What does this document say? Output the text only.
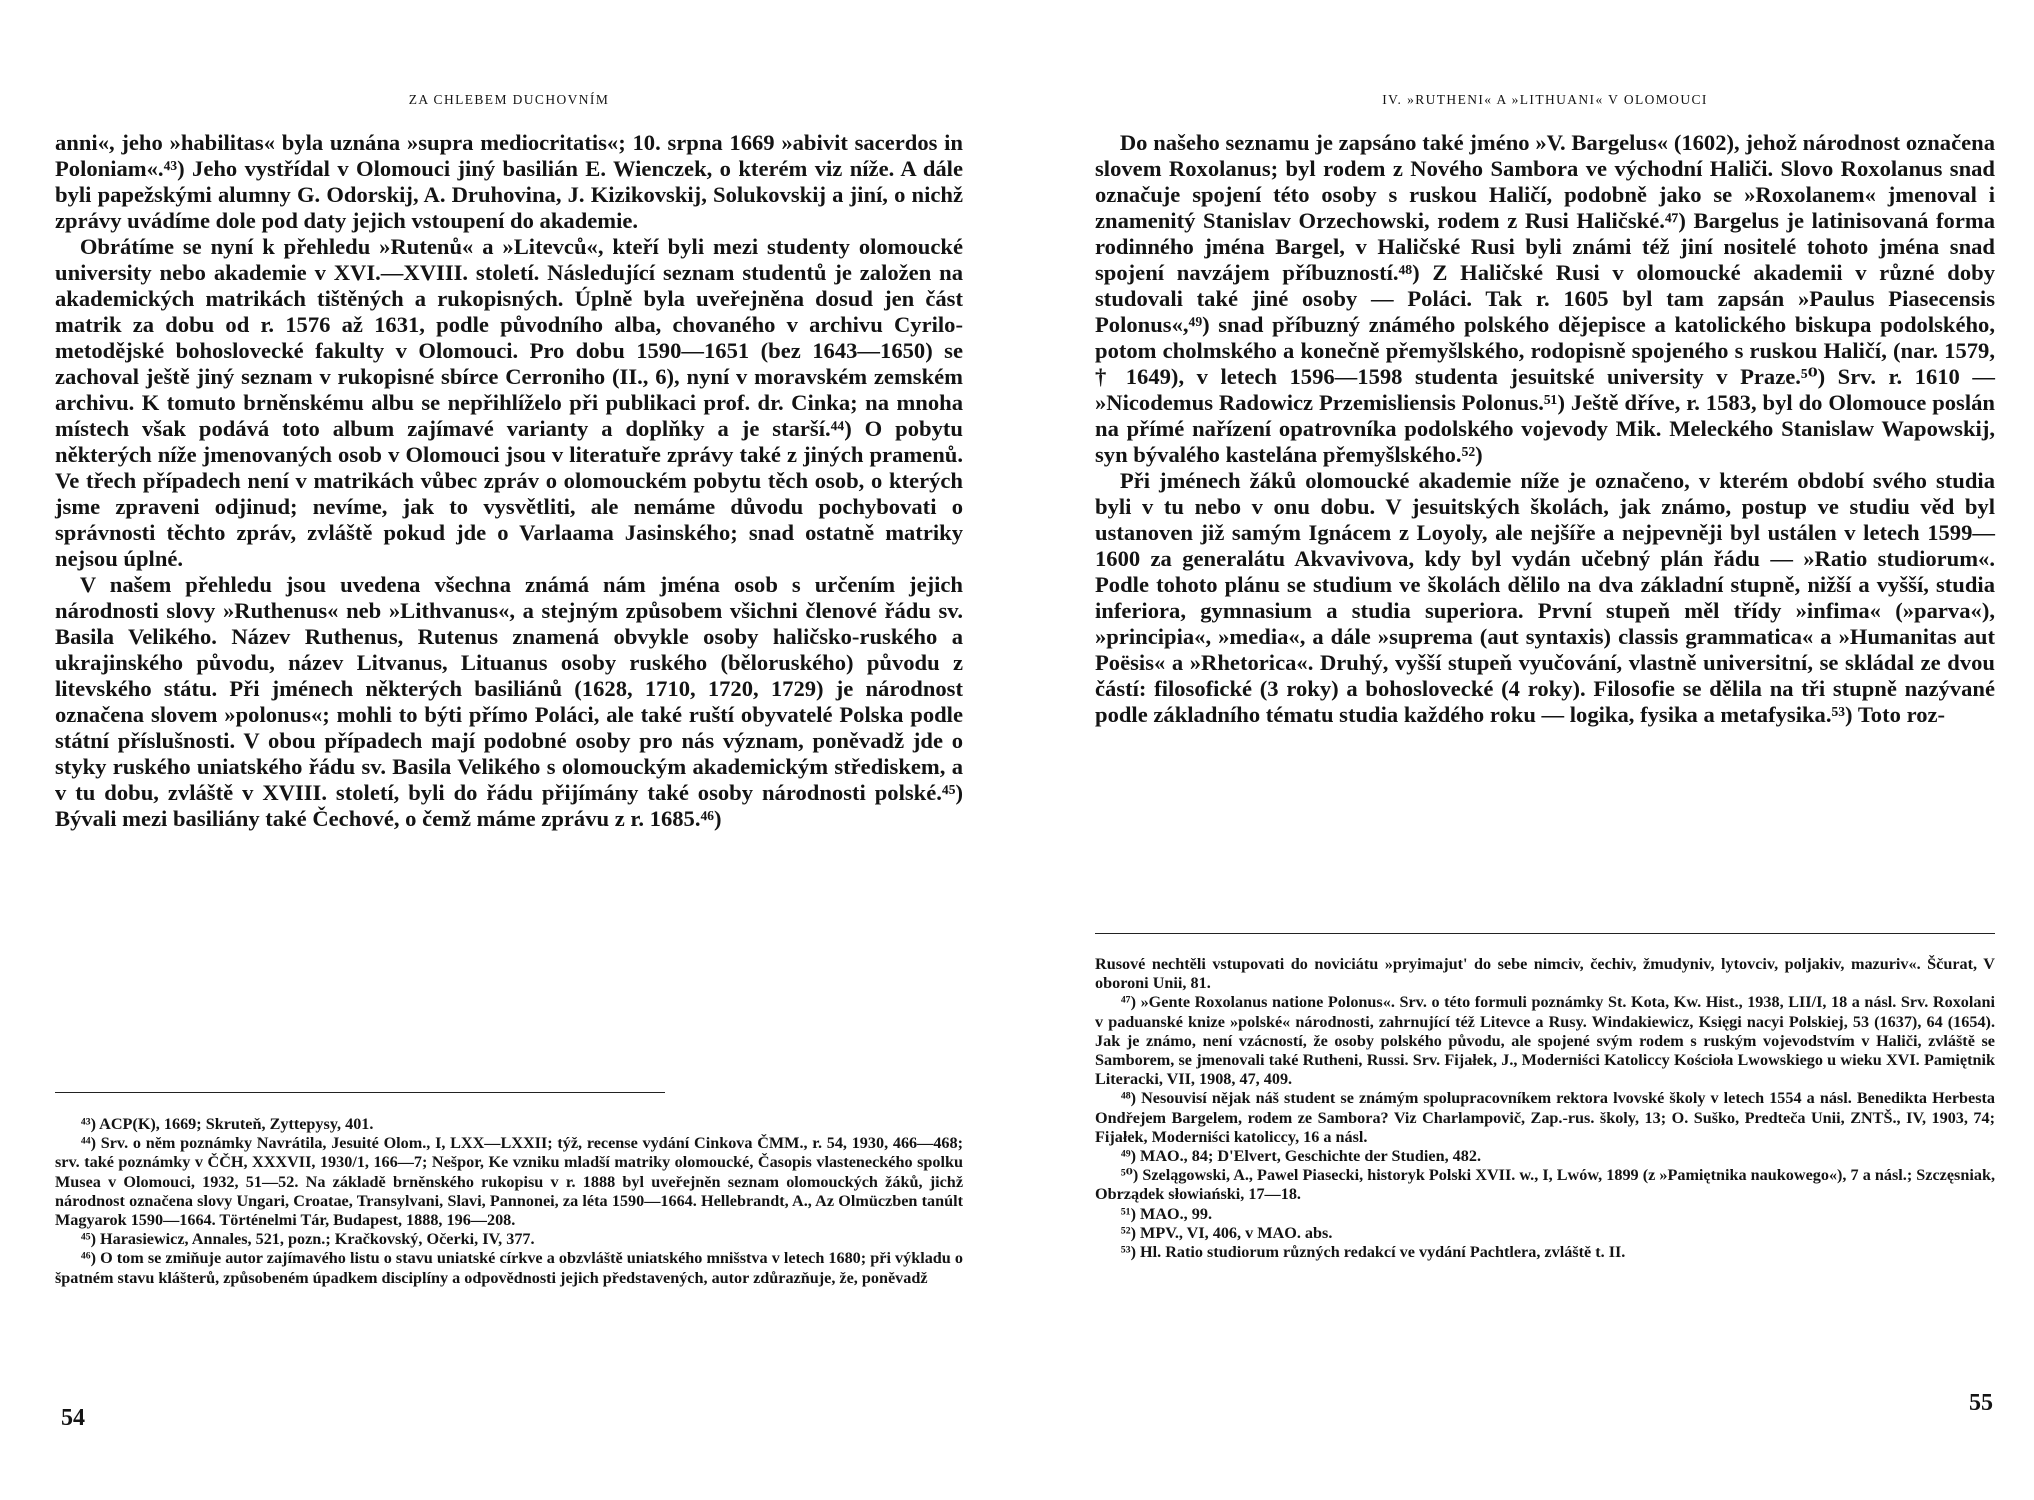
ZA CHLEBEM DUCHOVNÍM

anni«, jeho »habilitas« byla uznána »supra mediocritatis«; 10. srpna 1669 »abivit sacerdos in Poloniam«.⁴³) Jeho vystřídal v Olomouci jiný basilián E. Wienczek, o kterém viz níže. A dále byli papežskými alumny G. Odorskij, A. Druhovina, J. Kizikovskij, Solukovskij a jiní, o nichž zprávy uvádíme dole pod daty jejich vstoupení do akademie.

Obrátíme se nyní k přehledu »Rutenů« a »Litevců«, kteří byli mezi studenty olomoucké university nebo akademie v XVI.—XVIII. století. Následující seznam studentů je založen na akademických matrikách tištěných a rukopisných. Úplně byla uveřejněna dosud jen část matrik za dobu od r. 1576 až 1631, podle původního alba, chovaného v archivu Cyrilo-metodějské bohoslovecké fakulty v Olomouci. Pro dobu 1590—1651 (bez 1643—1650) se zachoval ještě jiný seznam v rukopisné sbírce Cerroniho (II., 6), nyní v moravském zemském archivu. K tomuto brněnskému albu se nepřihlíželo při publikaci prof. dr. Cinka; na mnoha místech však podává toto album zajímavé varianty a doplňky a je starší.⁴⁴) O pobytu některých níže jmenovaných osob v Olomouci jsou v literatuře zprávy také z jiných pramenů. Ve třech případech není v matrikách vůbec zpráv o olomouckém pobytu těch osob, o kterých jsme zpraveni odjinud; nevíme, jak to vysvětliti, ale nemáme důvodu pochybovati o správnosti těchto zpráv, zvláště pokud jde o Varlaama Jasinského; snad ostatně matriky nejsou úplné.

V našem přehledu jsou uvedena všechna známá nám jména osob s určením jejich národnosti slovy »Ruthenus« neb »Lithvanus«, a stejným způsobem všichni členové řádu sv. Basila Velikého. Název Ruthenus, Rutenus znamená obvykle osoby haličsko-ruského a ukrajinského původu, název Litvanus, Lituanus osoby ruského (běloruského) původu z litevského státu. Při jménech některých basiliánů (1628, 1710, 1720, 1729) je národnost označena slovem »polonus«; mohli to býti přímo Poláci, ale také ruští obyvatelé Polska podle státní příslušnosti. V obou případech mají podobné osoby pro nás význam, poněvadž jde o styky ruského uniatského řádu sv. Basila Velikého s olomouckým akademickým střediskem, a v tu dobu, zvláště v XVIII. století, byli do řádu přijímány také osoby národnosti polské.⁴⁵) Bývali mezi basiliány také Čechové, o čemž máme zprávu z r. 1685.⁴⁶)

⁴³) ACP(K), 1669; Skruteň, Zyttepysy, 401.

⁴⁴) Srv. o něm poznámky Navrátila, Jesuité Olom., I, LXX—LXXII; týž, recense vydání Cinkova ČMM., r. 54, 1930, 466—468; srv. také poznámky v ČČH, XXXVII, 1930/1, 166—7; Nešpor, Ke vzniku mladší matriky olomoucké, Časopis vlasteneckého spolku Musea v Olomouci, 1932, 51—52. Na základě brněnského rukopisu v r. 1888 byl uveřejněn seznam olomouckých žáků, jichž národnost označena slovy Ungari, Croatae, Transylvani, Slavi, Pannonei, za léta 1590—1664. Hellebrandt, A., Az Olmüczben tanúlt Magyarok 1590—1664. Történelmi Tár, Budapest, 1888, 196—208.

⁴⁵) Harasiewicz, Annales, 521, pozn.; Kračkovský, Očerki, IV, 377.

⁴⁶) O tom se zmiňuje autor zajímavého listu o stavu uniatské církve a obzvláště uniatského mnišstva v letech 1680; při výkladu o špatném stavu klášterů, způsobeném úpadkem disciplíny a odpovědnosti jejich představených, autor zdůrazňuje, že, poněvadž

54
IV. »RUTHENI« A »LITHUANI« V OLOMOUCI

Do našeho seznamu je zapsáno také jméno »V. Bargelus« (1602), jehož národnost označena slovem Roxolanus; byl rodem z Nového Sambora ve východní Haliči. Slovo Roxolanus snad označuje spojení této osoby s ruskou Haličí, podobně jako se »Roxolanem« jmenoval i znamenitý Stanislav Orzechowski, rodem z Rusi Haličské.⁴⁷) Bargelus je latinisovaná forma rodinného jména Bargel, v Haličské Rusi byli známi též jiní nositelé tohoto jména snad spojení navzájem příbuzností.⁴⁸) Z Haličské Rusi v olomoucké akademii v různé doby studovali také jiné osoby — Poláci. Tak r. 1605 byl tam zapsán »Paulus Piasecensis Polonus«,⁴⁹) snad příbuzný známého polského dějepisce a katolického biskupa podolského, potom cholmského a konečně přemyšlského, rodopisně spojeného s ruskou Haličí, (nar. 1579, † 1649), v letech 1596—1598 studenta jesuitské university v Praze.⁵⁰) Srv. r. 1610 — »Nicodemus Radowicz Przemisliensis Polonus.⁵¹) Ještě dříve, r. 1583, byl do Olomouce poslán na přímé nařízení opatrovníka podolského vojevody Mik. Meleckého Stanislaw Wapowskij, syn bývalého kastelána přemyšlského.⁵²)

Při jménech žáků olomoucké akademie níže je označeno, v kterém období svého studia byli v tu nebo v onu dobu. V jesuitských školách, jak známo, postup ve studiu věd byl ustanoven již samým Ignácem z Loyoly, ale nejšíře a nejpevněji byl ustálen v letech 1599—1600 za generalátu Akvavivova, kdy byl vydán učebný plán řádu — »Ratio studiorum«. Podle tohoto plánu se studium ve školách dělilo na dva základní stupně, nižší a vyšší, studia inferiora, gymnasium a studia superiora. První stupeň měl třídy »infima« (»parva«), »principia«, »media«, a dále »suprema (aut syntaxis) classis grammatica« a »Humanitas aut Poësis« a »Rhetorica«. Druhý, vyšší stupeň vyučování, vlastně universitní, se skládal ze dvou částí: filosofické (3 roky) a bohoslovecké (4 roky). Filosofie se dělila na tři stupně nazývané podle základního tématu studia každého roku — logika, fysika a metafysika.⁵³) Toto roz-

Rusové nechtěli vstupovati do noviciátu »pryimajut' do sebe nimciv, čechiv, žmudyniv, lytovciv, poljakiv, mazuriv«. Ščurat, V oboroni Unii, 81.

⁴⁷) »Gente Roxolanus natione Polonus«. Srv. o této formuli poznámky St. Kota, Kw. Hist., 1938, LII/I, 18 a násl. Srv. Roxolani v paduanské knize »polské« národnosti, zahrnující též Litevce a Rusy. Windakiewicz, Księgi nacyi Polskiej, 53 (1637), 64 (1654). Jak je známo, není vzácností, že osoby polského původu, ale spojené svým rodem s ruským vojevodstvím v Haliči, zvláště se Samborem, se jmenovali také Rutheni, Russi. Srv. Fijałek, J., Moderniści Katoliccy Kościoła Lwowskiego u wieku XVI. Pamiętnik Literacki, VII, 1908, 47, 409.

⁴⁸) Nesouvisí nějak náš student se známým spolupracovníkem rektora lvovské školy v letech 1554 a násl. Benedikta Herbesta Ondřejem Bargelem, rodem ze Sambora? Viz Charlampovič, Zap.-rus. školy, 13; O. Suško, Predteča Unii, ZNTŠ., IV, 1903, 74; Fijałek, Moderniści katoliccy, 16 a násl.

⁴⁹) MAO., 84; D'Elvert, Geschichte der Studien, 482.

⁵⁰) Szelągowski, A., Pawel Piasecki, historyk Polski XVII. w., I, Lwów, 1899 (z »Pamiętnika naukowego«), 7 a násl.; Szczęsniak, Obrządek słowiański, 17—18.

⁵¹) MAO., 99.

⁵²) MPV., VI, 406, v MAO. abs.

⁵³) Hl. Ratio studiorum různých redakcí ve vydání Pachtlera, zvláště t. II.

55
